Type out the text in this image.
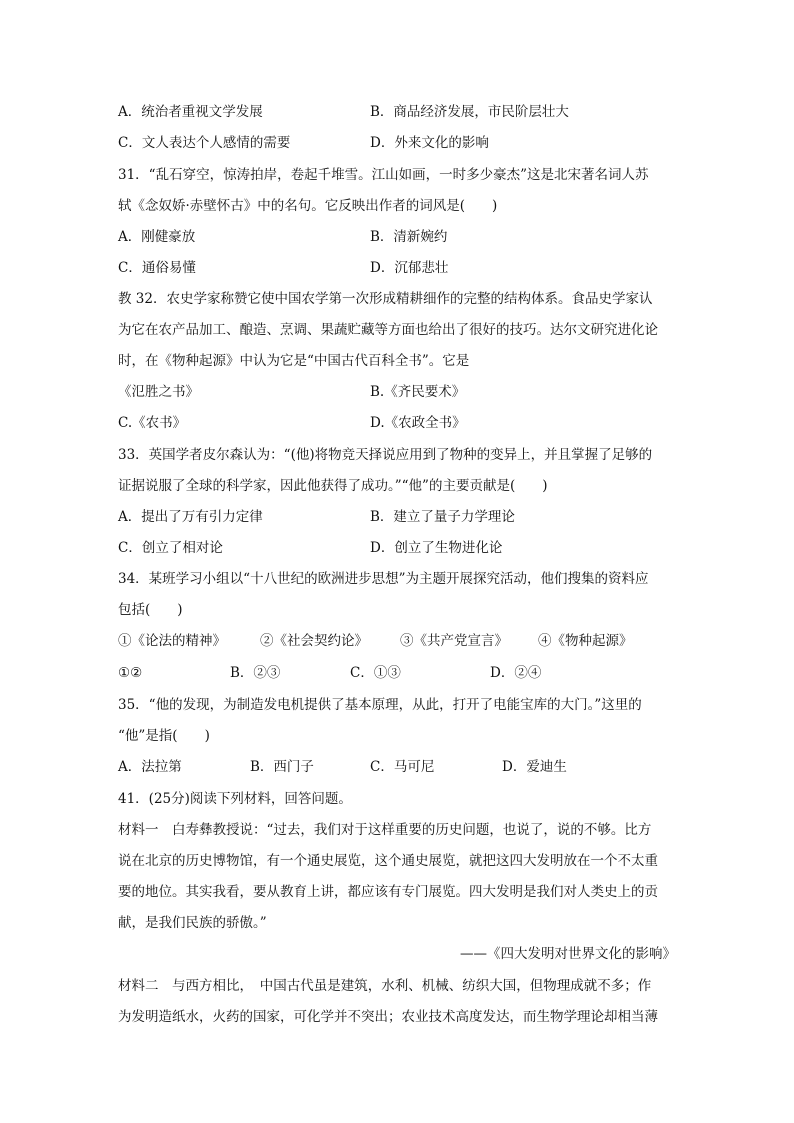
A．统治者重视文学发展	B．商品经济发展，市民阶层壮大
C．文人表达个人感情的需要	D．外来文化的影响
31．“乱石穿空，惊涛拍岸，卷起千堆雪。江山如画，一时多少豪杰”这是北宋著名词人苏
轼《念奴娇·赤壁怀古》中的名句。它反映出作者的词风是(　　)
A．刚健豪放	B．清新婉约
C．通俗易懂	D．沉郁悲壮
教 32．农史学家称赞它使中国农学第一次形成精耕细作的完整的结构体系。食品史学家认
为它在农产品加工、酿造、烹调、果蔬贮藏等方面也给出了很好的技巧。达尔文研究进化论
时，在《物种起源》中认为它是“中国古代百科全书”。它是
《氾胜之书》	B.《齐民要术》
C.《农书》	D.《农政全书》
33．英国学者皮尔森认为：“(他)将物竞天择说应用到了物种的变异上，并且掌握了足够的
证据说服了全球的科学家，因此他获得了成功。”“他”的主要贡献是(　　)
A．提出了万有引力定律	B．建立了量子力学理论
C．创立了相对论	D．创立了生物进化论
34．某班学习小组以“十八世纪的欧洲进步思想”为主题开展探究活动，他们搜集的资料应
包括(　　)
①《论法的精神》	②《社会契约论》 ③《共产党宣言》 ④《物种起源》
①②	B．②③	C．①③	D．②④
35．“他的发现，为制造发电机提供了基本原理，从此，打开了电能宝库的大门。”这里的
“他”是指(　　)
A．法拉第	B．西门子	C．马可尼	D．爱迪生
41．(25分)阅读下列材料，回答问题。
材料一　白寿彝教授说：“过去，我们对于这样重要的历史问题，也说了，说的不够。比方
说在北京的历史博物馆，有一个通史展览，这个通史展览，就把这四大发明放在一个不太重
要的地位。其实我看，要从教育上讲，都应该有专门展览。四大发明是我们对人类史上的贡
献，是我们民族的骄傲。”
——《四大发明对世界文化的影响》
材料二　与西方相比，　中国古代虽是建筑，水利、机械、纺织大国，但物理成就不多；作
为发明造纸水，火药的国家，可化学并不突出；农业技术高度发达，而生物学理论却相当薄
